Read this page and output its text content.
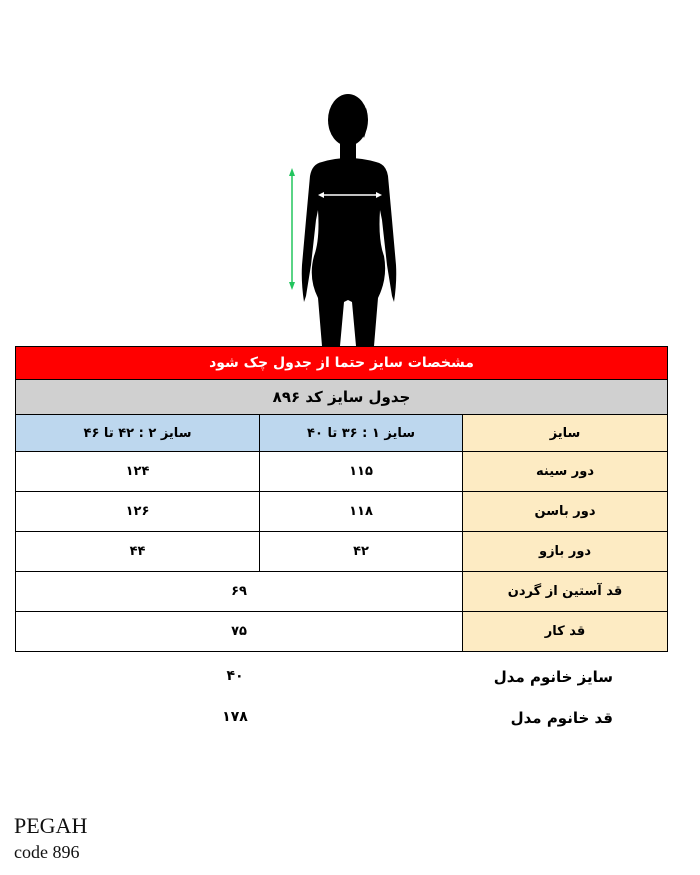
مشخصات سایز حتما از جدول چک شود		
جدول سایز کد ۸۹۶		
سایز	سایز ۱ : ۳۶ تا ۴۰	سایز ۲ : ۴۲ تا ۴۶
دور سینه	۱۱۵	۱۲۴
دور باسن	۱۱۸	۱۲۶
دور بازو	۴۲	۴۴
قد آستین از گردن	۶۹	
قد کار	۷۵	
سایز خانوم مدل
۴۰
قد خانوم مدل
۱۷۸
PEGAH
code 896
